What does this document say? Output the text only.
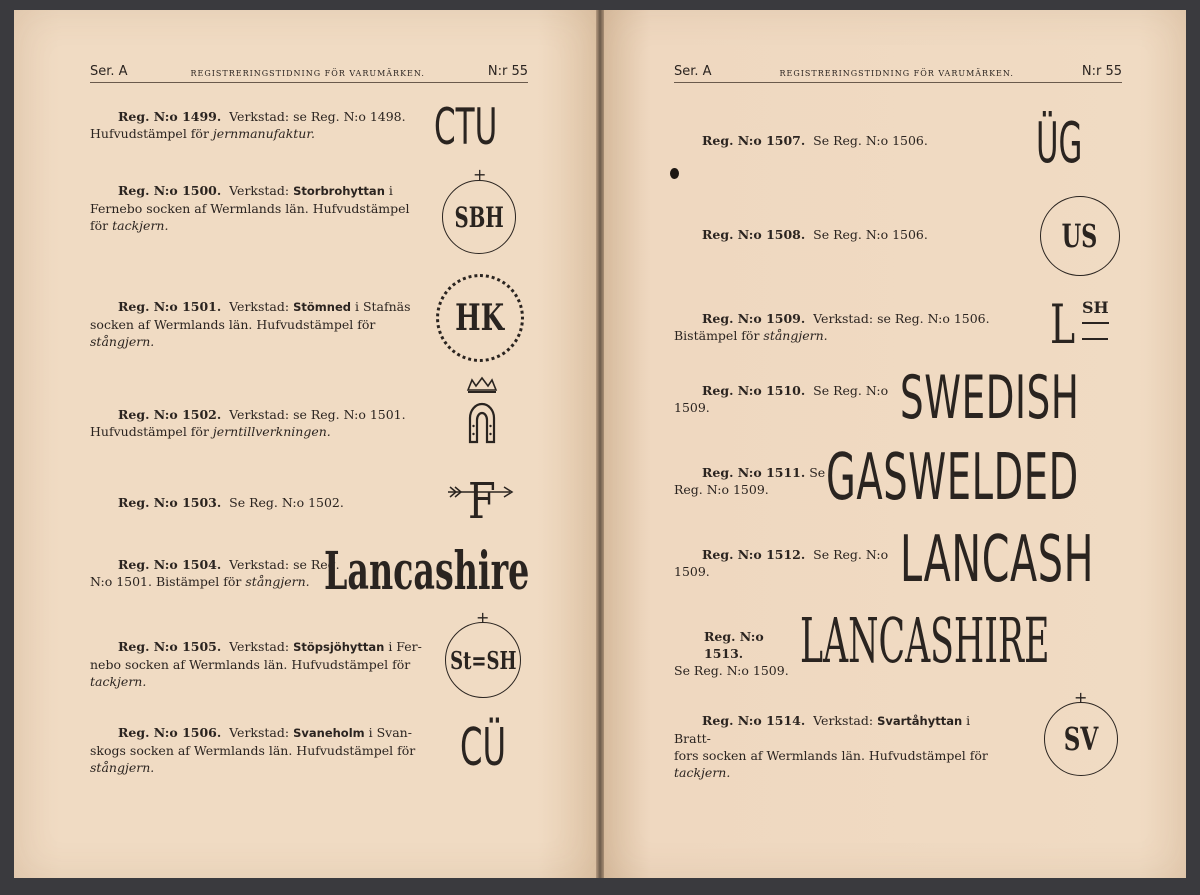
Ser. A	REGISTRERINGSTIDNING FÖR VARUMÄRKEN.	N:r 55
Reg. N:o 1499. Verkstad: se Reg. N:o 1498.
Hufvudstämpel för jernmanufaktur.	CTU
Reg. N:o 1500. Verkstad: Storbrohyttan i
Fernebo socken af Wermlands län. Hufvudstämpel
för tackjern.
+
SBH
Reg. N:o 1501. Verkstad: Stömned i Stafnäs
socken af Wermlands län. Hufvudstämpel för
stångjern.
HK
Reg. N:o 1502. Verkstad: se Reg. N:o 1501.
Hufvudstämpel för jerntillverkningen.
Reg. N:o 1503. Se Reg. N:o 1502.	F
Reg. N:o 1504. Verkstad: se Reg.
N:o 1501. Bistämpel för stångjern. Lancashire
Reg. N:o 1505. Verkstad: Stöpsjöhyttan i Fer-
nebo socken af Wermlands län. Hufvudstämpel för
tackjern.
+
St=SH
Reg. N:o 1506. Verkstad: Svaneholm i Svan-
skogs socken af Wermlands län. Hufvudstämpel för
stångjern.	CÜ
Ser. A	REGISTRERINGSTIDNING FÖR VARUMÄRKEN.	N:r 55
Reg. N:o 1507. Se Reg. N:o 1506.	ÜG
Reg. N:o 1508. Se Reg. N:o 1506.	US
Reg. N:o 1509. Verkstad: se Reg. N:o 1506.
Bistämpel för stångjern.	L SH
Reg. N:o 1510. Se Reg. N:o
1509.	SWEDISH
Reg. N:o 1511. Se
Reg. N:o 1509. GASWELDED
Reg. N:o 1512. Se Reg. N:o
1509.	LANCASH
Reg. N:o 1513.
Se Reg. N:o 1509. LANCASHIRE
Reg. N:o 1514. Verkstad: Svartåhyttan i Bratt-
fors socken af Wermlands län. Hufvudstämpel för
tackjern.
+
SV
